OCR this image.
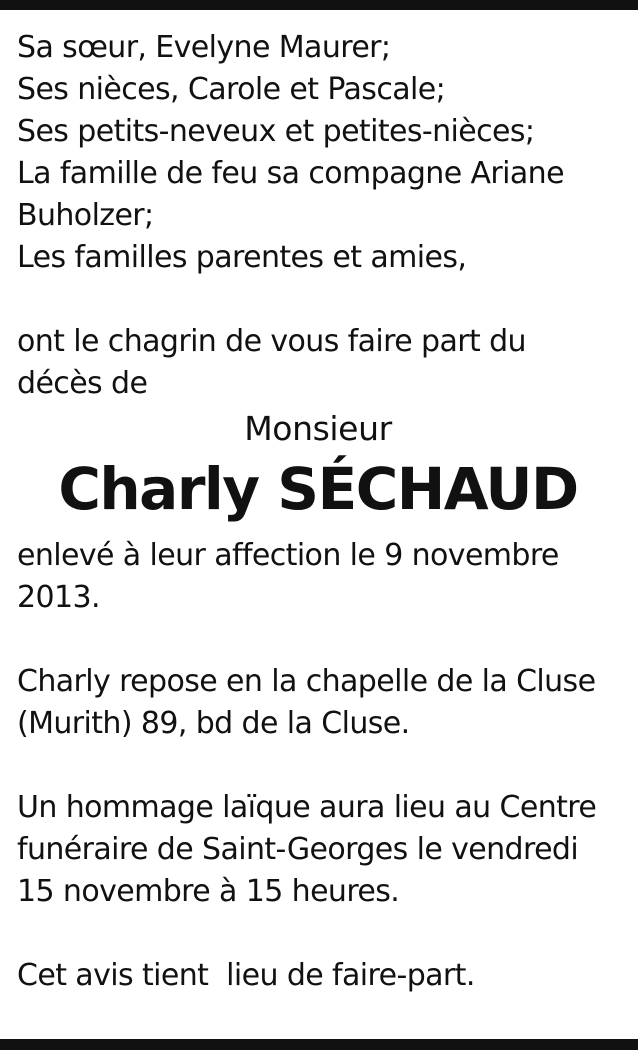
Sa sœur, Evelyne Maurer;
Ses nièces, Carole et Pascale;
Ses petits-neveux et petites-nièces;
La famille de feu sa compagne Ariane
Buholzer;
Les familles parentes et amies,
ont le chagrin de vous faire part du
décès de
Monsieur
Charly SÉCHAUD
enlevé à leur affection le 9 novembre
2013.
Charly repose en la chapelle de la Cluse
(Murith) 89, bd de la Cluse.
Un hommage laïque aura lieu au Centre
funéraire de Saint-Georges le vendredi
15 novembre à 15 heures.
Cet avis tient  lieu de faire-part.
